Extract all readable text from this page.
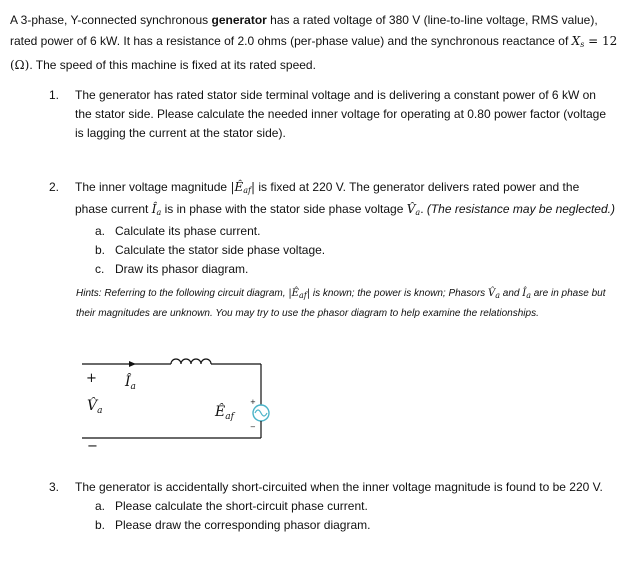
A 3-phase, Y-connected synchronous generator has a rated voltage of 380 V (line-to-line voltage, RMS value), rated power of 6 kW. It has a resistance of 2.0 ohms (per-phase value) and the synchronous reactance of $X_s = 12$ (Ω). The speed of this machine is fixed at its rated speed.
1. The generator has rated stator side terminal voltage and is delivering a constant power of 6 kW on the stator side. Please calculate the needed inner voltage for operating at 0.80 power factor (voltage is lagging the current at the stator side).
2. The inner voltage magnitude $|Ê_{af}|$ is fixed at 220 V. The generator delivers rated power and the phase current $Î_a$ is in phase with the stator side phase voltage $V̂_a$. (The resistance may be neglected.)
a. Calculate its phase current.
b. Calculate the stator side phase voltage.
c. Draw its phasor diagram.
Hints: Referring to the following circuit diagram, $|Ê_{af}|$ is known; the power is known; Phasors $V̂_a$ and $Î_a$ are in phase but their magnitudes are unknown. You may try to use the phasor diagram to help examine the relationships.
+
−
+
−
$Î_a$
$V̂_a$	$Ê_{af}$
3. The generator is accidentally short-circuited when the inner voltage magnitude is found to be 220 V.
a. Please calculate the short-circuit phase current.
b. Please draw the corresponding phasor diagram.
